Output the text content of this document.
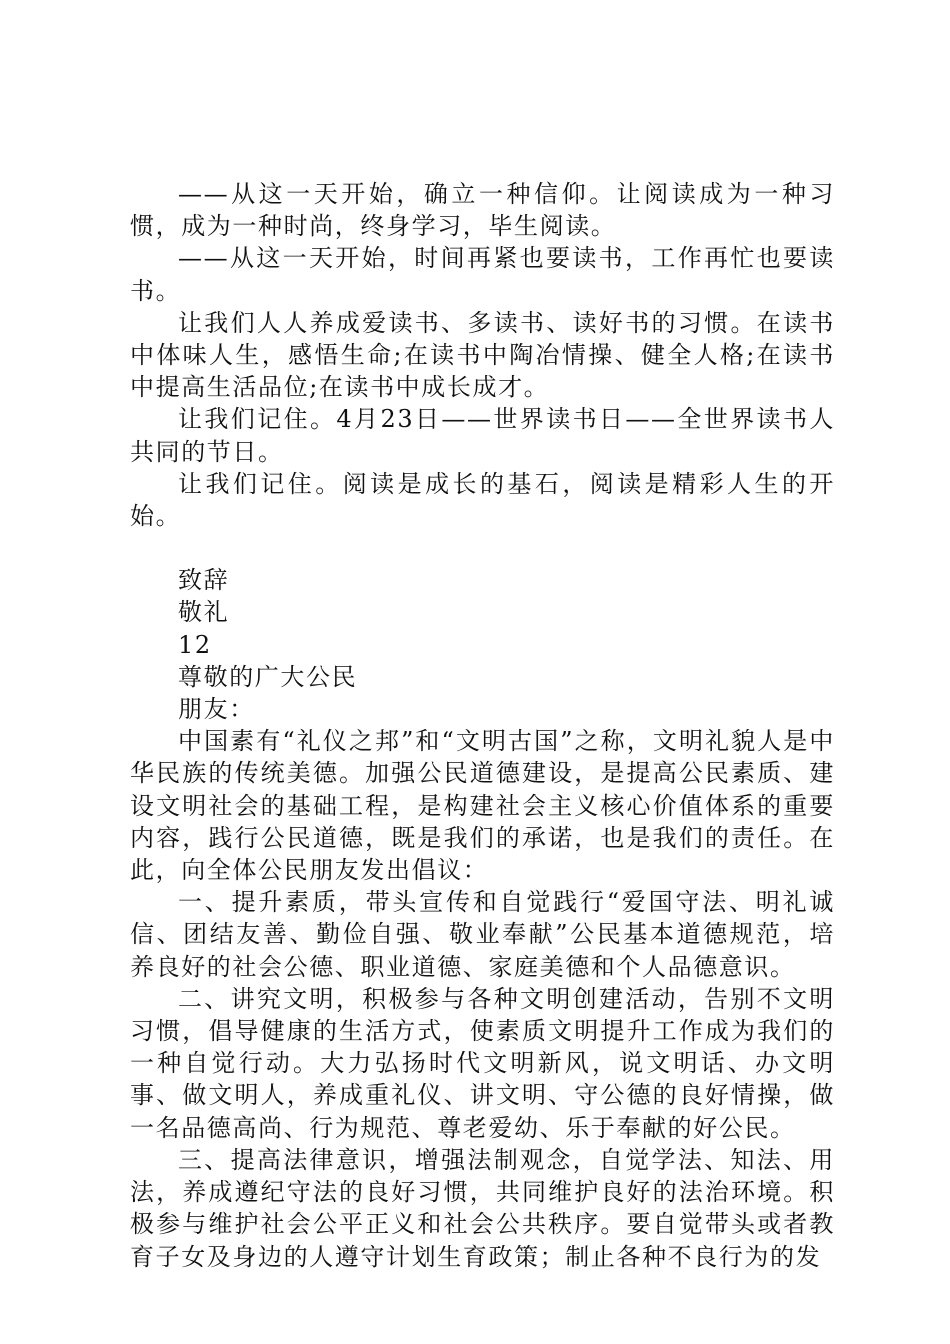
——从这一天开始，确立一种信仰。让阅读成为一种习惯，成为一种时尚，终身学习，毕生阅读。

——从这一天开始，时间再紧也要读书，工作再忙也要读书。

让我们人人养成爱读书、多读书、读好书的习惯。在读书中体味人生，感悟生命;在读书中陶冶情操、健全人格;在读书中提高生活品位;在读书中成长成才。

让我们记住。4月23日——世界读书日——全世界读书人共同的节日。

让我们记住。阅读是成长的基石，阅读是精彩人生的开始。

致辞

敬礼

12

尊敬的广大公民

朋友：

中国素有“礼仪之邦”和“文明古国”之称，文明礼貌人是中华民族的传统美德。加强公民道德建设，是提高公民素质、建设文明社会的基础工程，是构建社会主义核心价值体系的重要内容，践行公民道德，既是我们的承诺，也是我们的责任。在此，向全体公民朋友发出倡议：

一、提升素质，带头宣传和自觉践行“爱国守法、明礼诚信、团结友善、勤俭自强、敬业奉献”公民基本道德规范，培养良好的社会公德、职业道德、家庭美德和个人品德意识。

二、讲究文明，积极参与各种文明创建活动，告别不文明习惯，倡导健康的生活方式，使素质文明提升工作成为我们的一种自觉行动。大力弘扬时代文明新风，说文明话、办文明事、做文明人，养成重礼仪、讲文明、守公德的良好情操，做一名品德高尚、行为规范、尊老爱幼、乐于奉献的好公民。

三、提高法律意识，增强法制观念，自觉学法、知法、用法，养成遵纪守法的良好习惯，共同维护良好的法治环境。积极参与维护社会公平正义和社会公共秩序。要自觉带头或者教育子女及身边的人遵守计划生育政策；制止各种不良行为的发
